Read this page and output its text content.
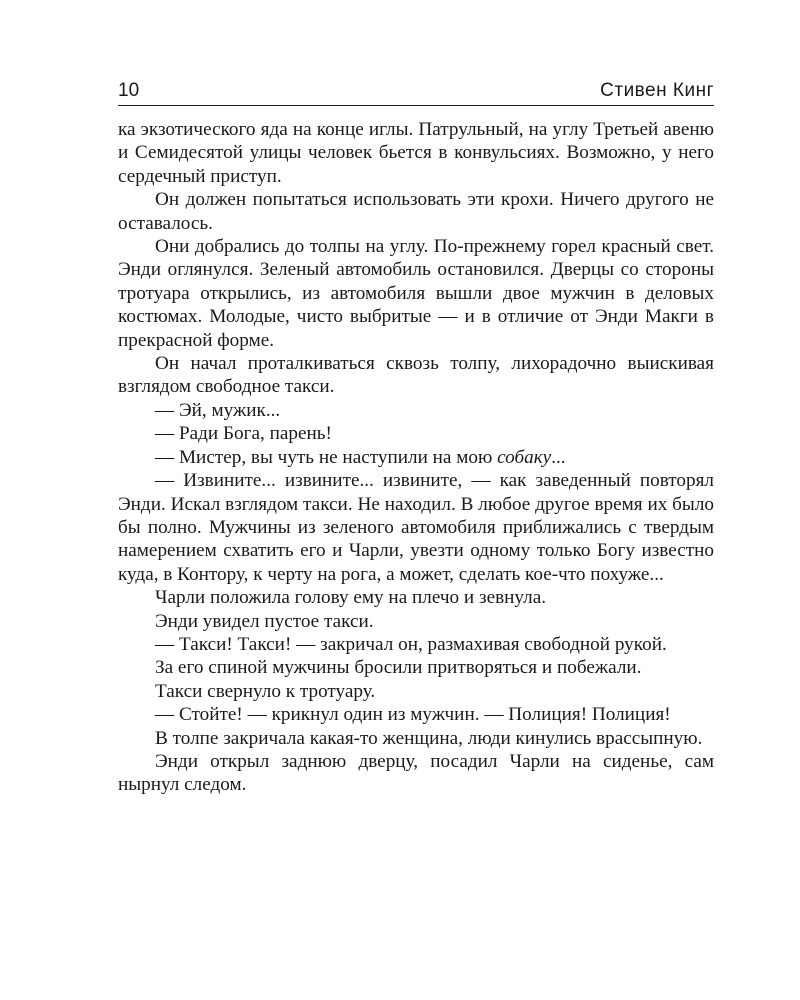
10	Стивен Кинг

ка экзотического яда на конце иглы. Патрульный, на углу Третьей авеню и Семидесятой улицы человек бьется в конвульсиях. Возможно, у него сердечный приступ.

Он должен попытаться использовать эти крохи. Ничего другого не оставалось.

Они добрались до толпы на углу. По-прежнему горел красный свет. Энди оглянулся. Зеленый автомобиль остановился. Дверцы со стороны тротуара открылись, из автомобиля вышли двое мужчин в деловых костюмах. Молодые, чисто выбритые — и в отличие от Энди Макги в прекрасной форме.

Он начал проталкиваться сквозь толпу, лихорадочно выискивая взглядом свободное такси.

— Эй, мужик...

— Ради Бога, парень!

— Мистер, вы чуть не наступили на мою собаку...

— Извините... извините... извините, — как заведенный повторял Энди. Искал взглядом такси. Не находил. В любое другое время их было бы полно. Мужчины из зеленого автомобиля приближались с твердым намерением схватить его и Чарли, увезти одному только Богу известно куда, в Контору, к черту на рога, а может, сделать кое-что похуже...

Чарли положила голову ему на плечо и зевнула.

Энди увидел пустое такси.

— Такси! Такси! — закричал он, размахивая свободной рукой.

За его спиной мужчины бросили притворяться и побежали.

Такси свернуло к тротуару.

— Стойте! — крикнул один из мужчин. — Полиция! Полиция!

В толпе закричала какая-то женщина, люди кинулись врассыпную.

Энди открыл заднюю дверцу, посадил Чарли на сиденье, сам нырнул следом.
